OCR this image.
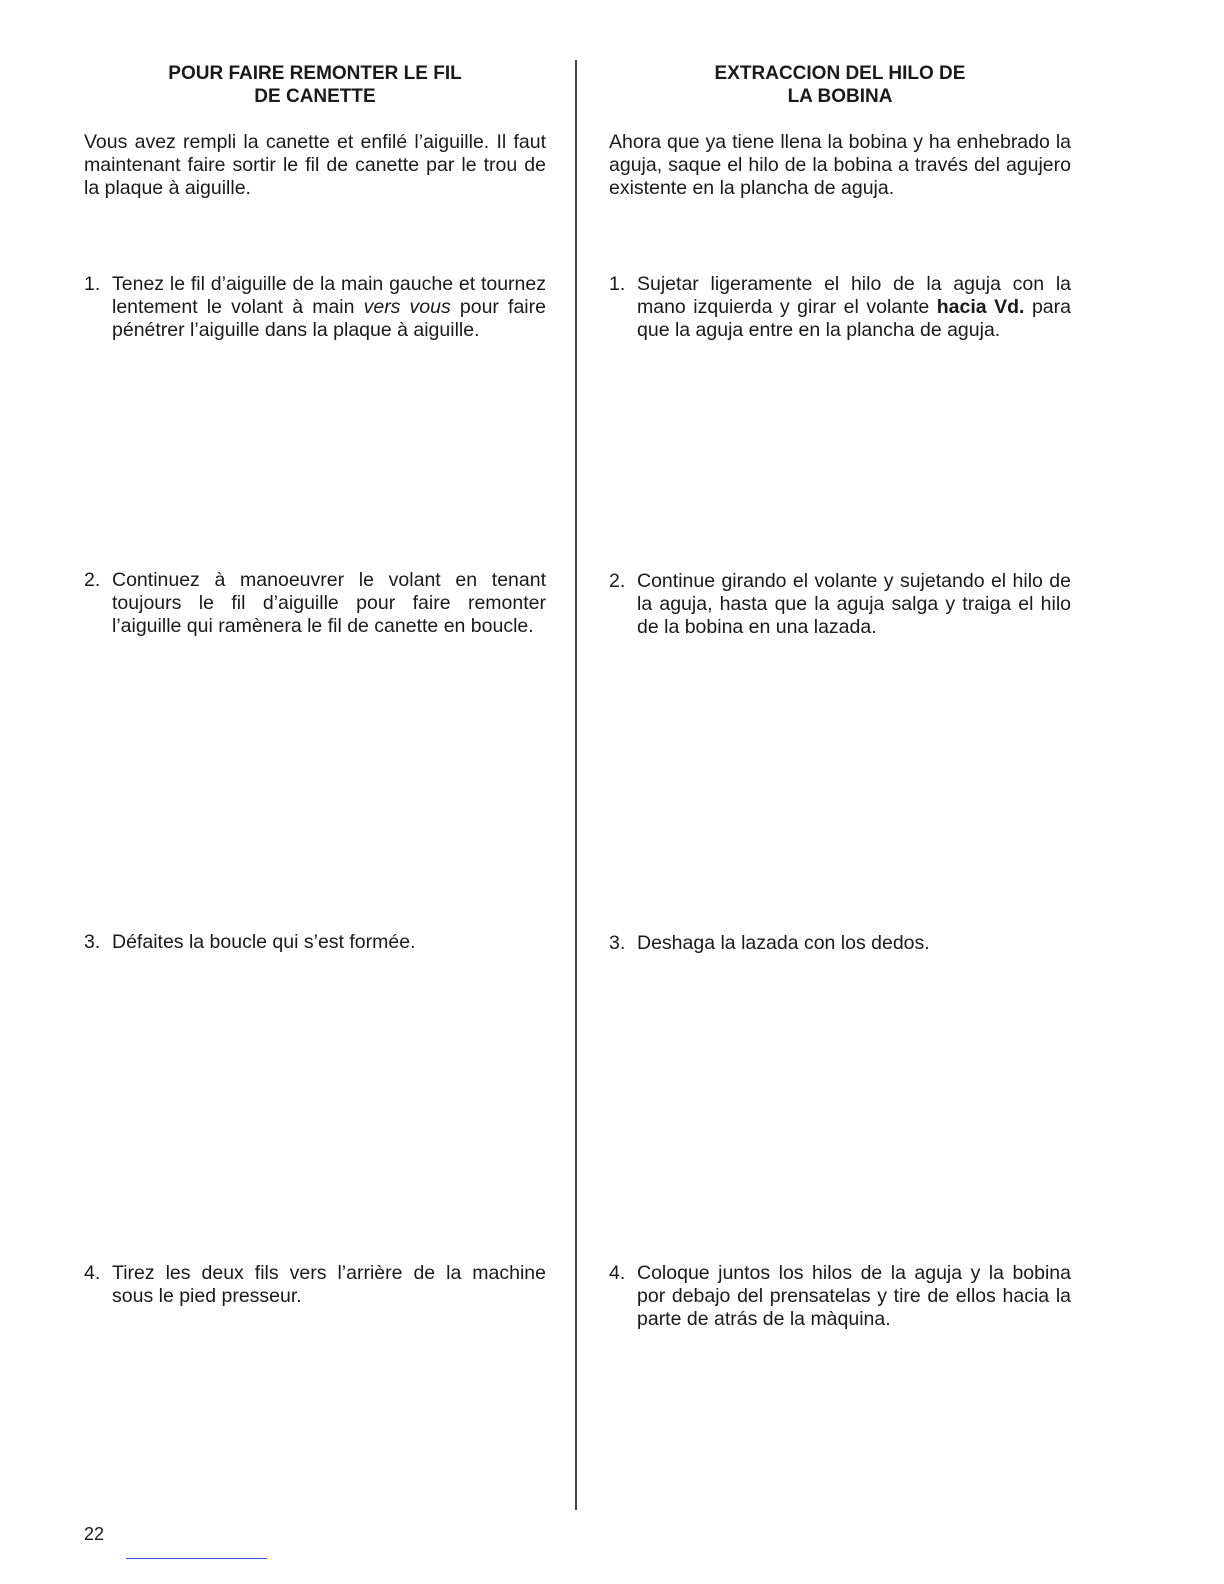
POUR FAIRE REMONTER LE FIL
DE CANETTE
Vous avez rempli la canette et enfilé l’aiguille. Il faut maintenant faire sortir le fil de canette par le trou de la plaque à aiguille.
1. Tenez le fil d’aiguille de la main gauche et tournez lentement le volant à main vers vous pour faire pénétrer l’aiguille dans la plaque à aiguille.
2. Continuez à manoeuvrer le volant en tenant toujours le fil d’aiguille pour faire remonter l’aiguille qui ramènera le fil de canette en boucle.
3. Défaites la boucle qui s’est formée.
4. Tirez les deux fils vers l’arrière de la machine sous le pied presseur.
EXTRACCION DEL HILO DE
LA BOBINA
Ahora que ya tiene llena la bobina y ha enhebrado la aguja, saque el hilo de la bobina a través del agujero existente en la plancha de aguja.
1. Sujetar ligeramente el hilo de la aguja con la mano izquierda y girar el volante hacia Vd. para que la aguja entre en la plancha de aguja.
2. Continue girando el volante y sujetando el hilo de la aguja, hasta que la aguja salga y traiga el hilo de la bobina en una lazada.
3. Deshaga la lazada con los dedos.
4. Coloque juntos los hilos de la aguja y la bobina por debajo del prensatelas y tire de ellos hacia la parte de atrás de la màquina.
22
